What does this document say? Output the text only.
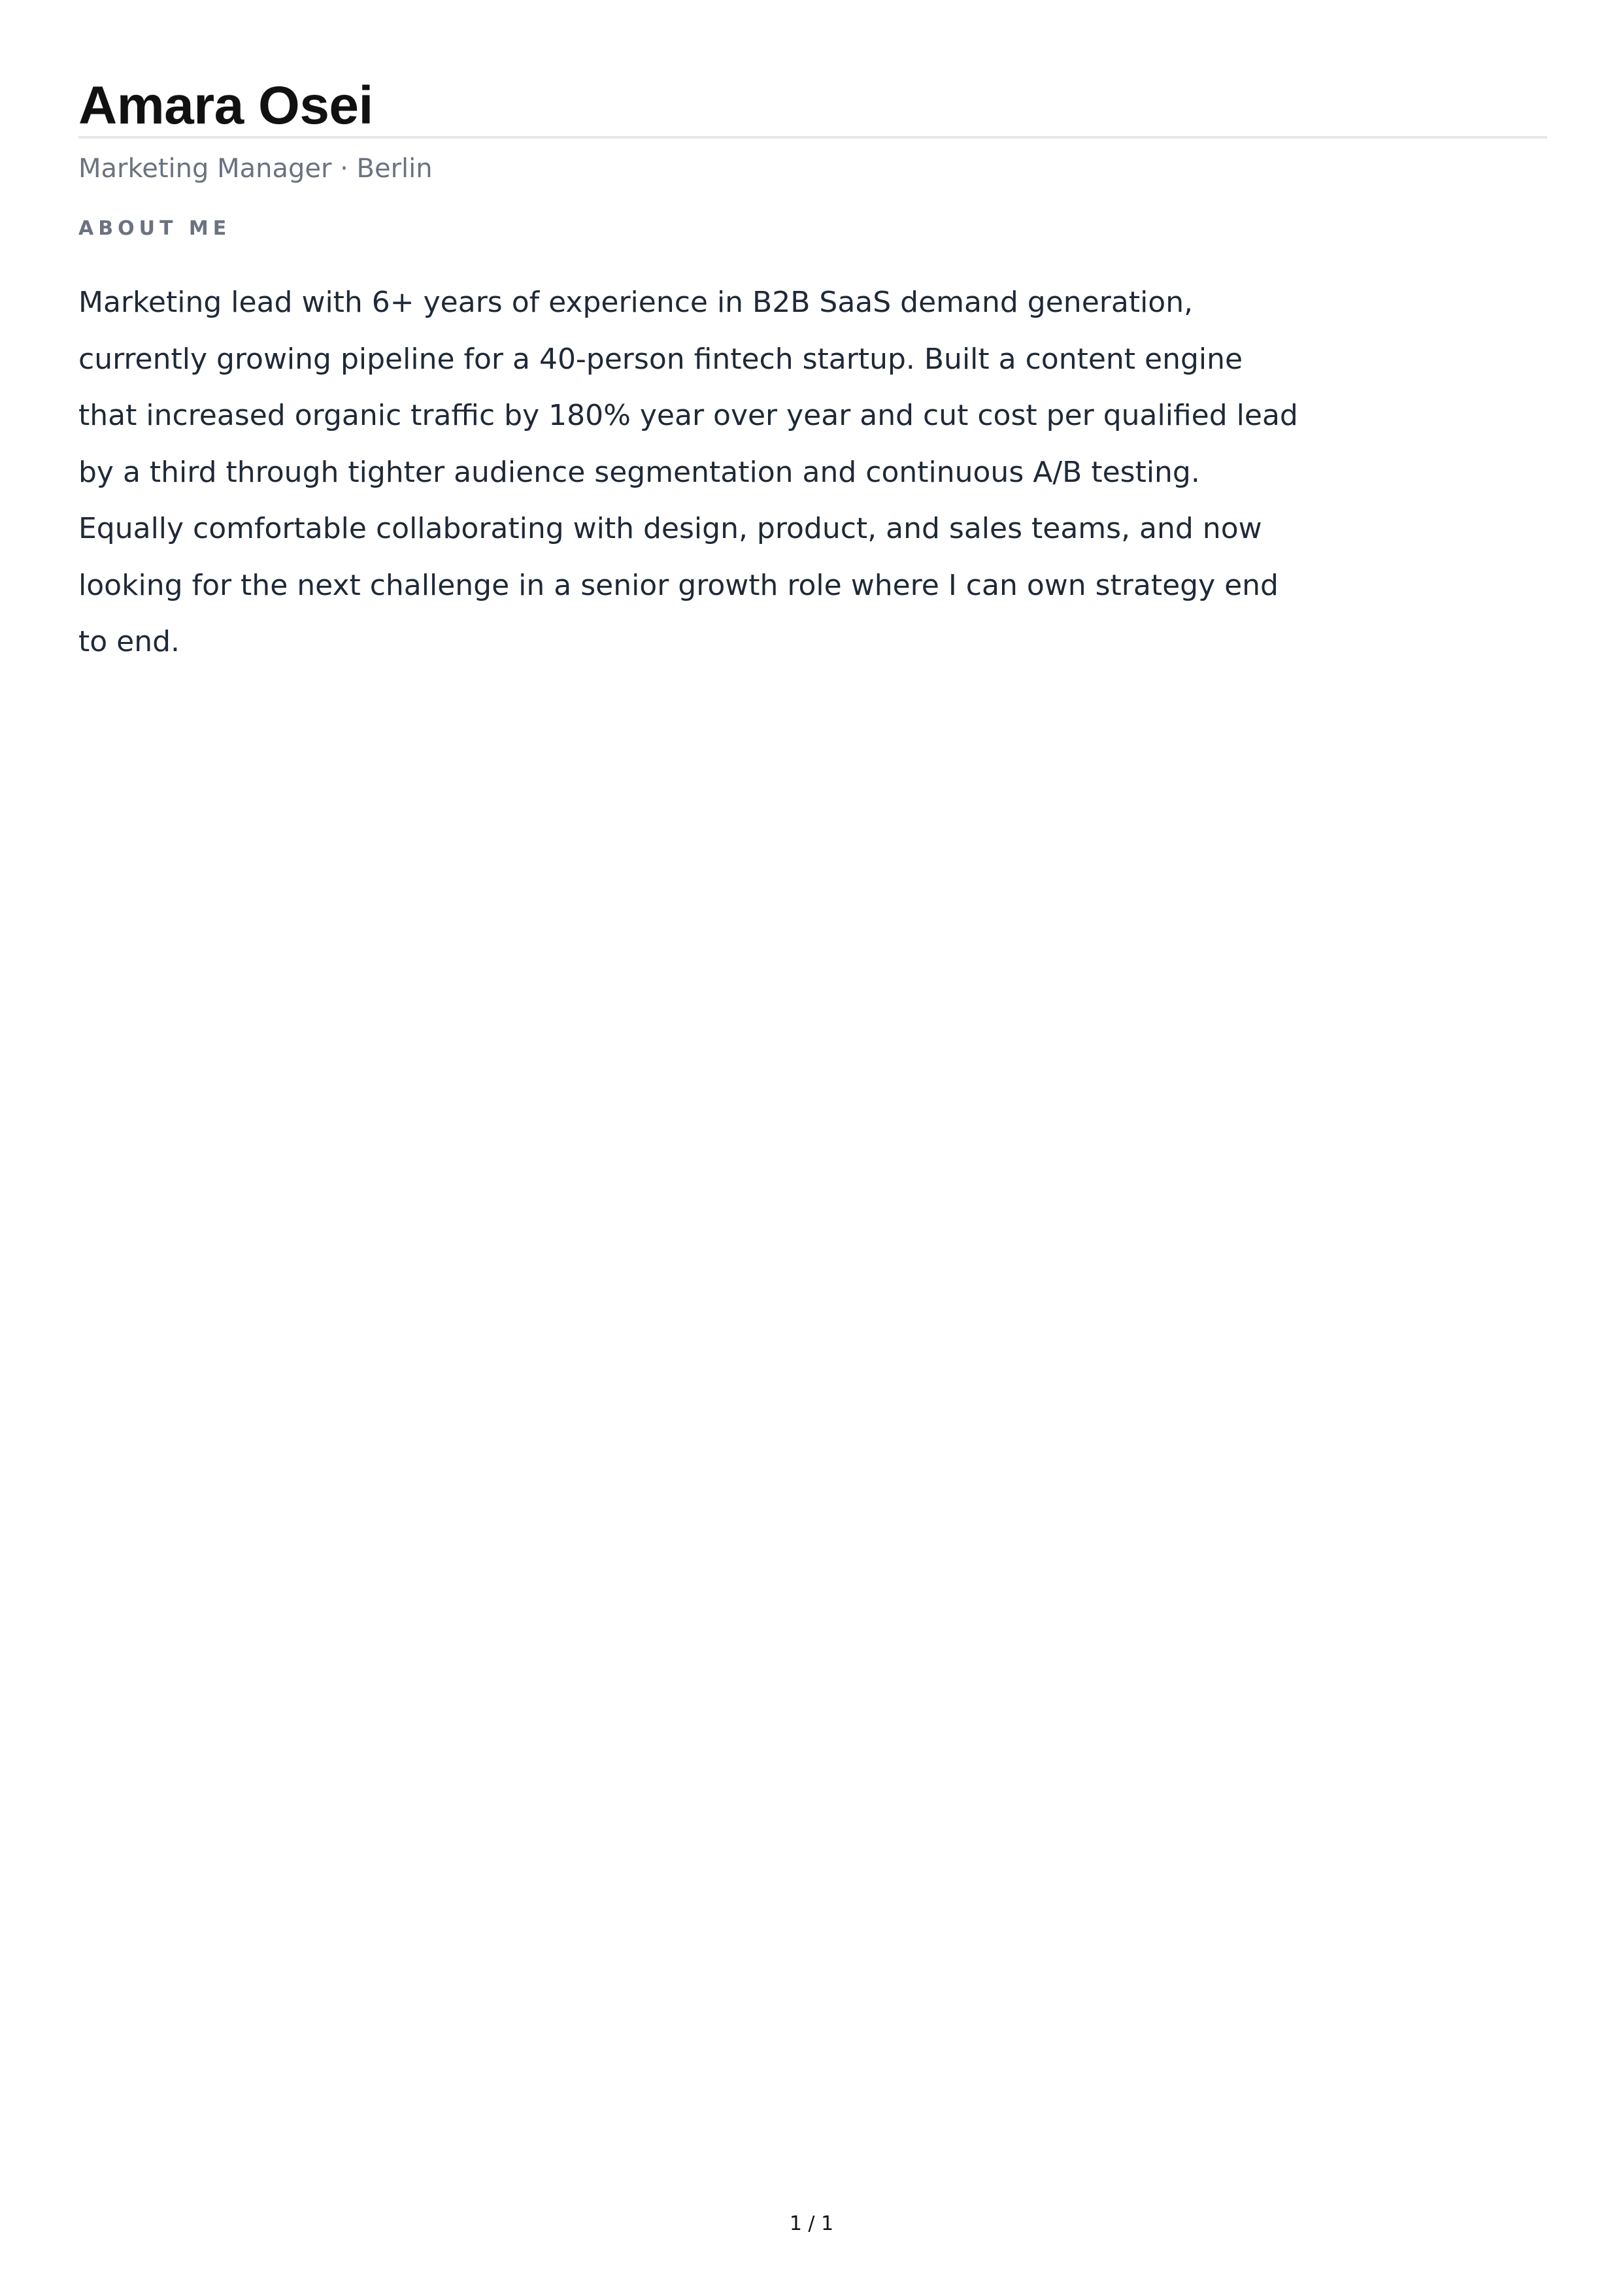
Amara Osei
Marketing Manager · Berlin
ABOUT ME

Marketing lead with 6+ years of experience in B2B SaaS demand generation,
currently growing pipeline for a 40-person fintech startup. Built a content engine
that increased organic traffic by 180% year over year and cut cost per qualified lead
by a third through tighter audience segmentation and continuous A/B testing.
Equally comfortable collaborating with design, product, and sales teams, and now
looking for the next challenge in a senior growth role where I can own strategy end
to end.

1 / 1
